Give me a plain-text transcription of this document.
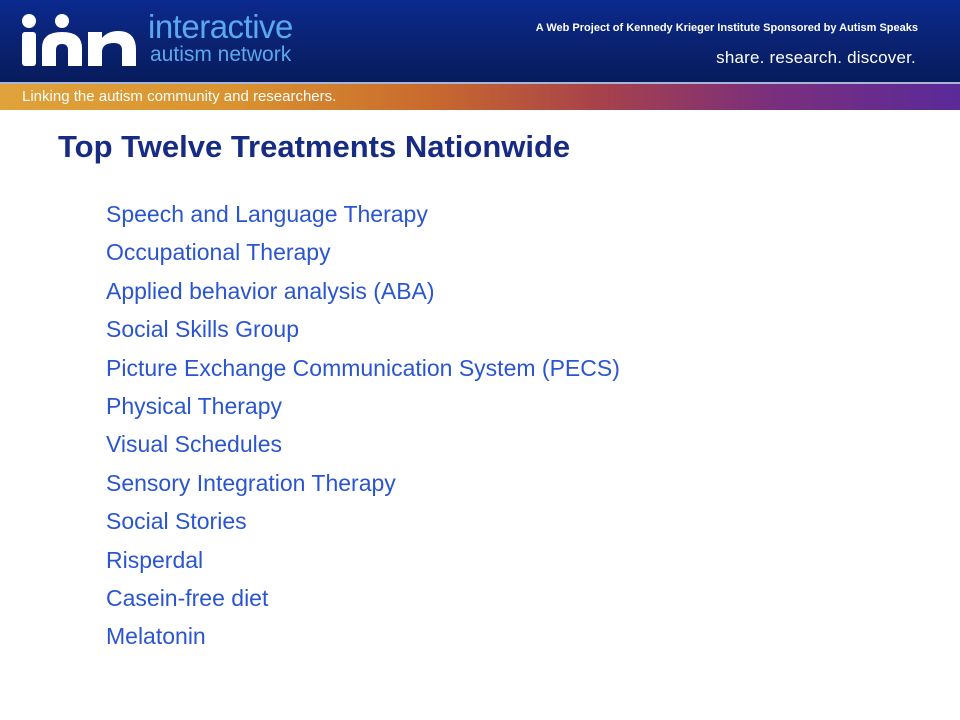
interactive
autism network
A Web Project of Kennedy Krieger Institute Sponsored by Autism Speaks
share. research. discover.
Linking the autism community and researchers.
Top Twelve Treatments Nationwide
Speech and Language Therapy
Occupational Therapy
Applied behavior analysis (ABA)
Social Skills Group
Picture Exchange Communication System (PECS)
Physical Therapy
Visual Schedules
Sensory Integration Therapy
Social Stories
Risperdal
Casein-free diet
Melatonin
